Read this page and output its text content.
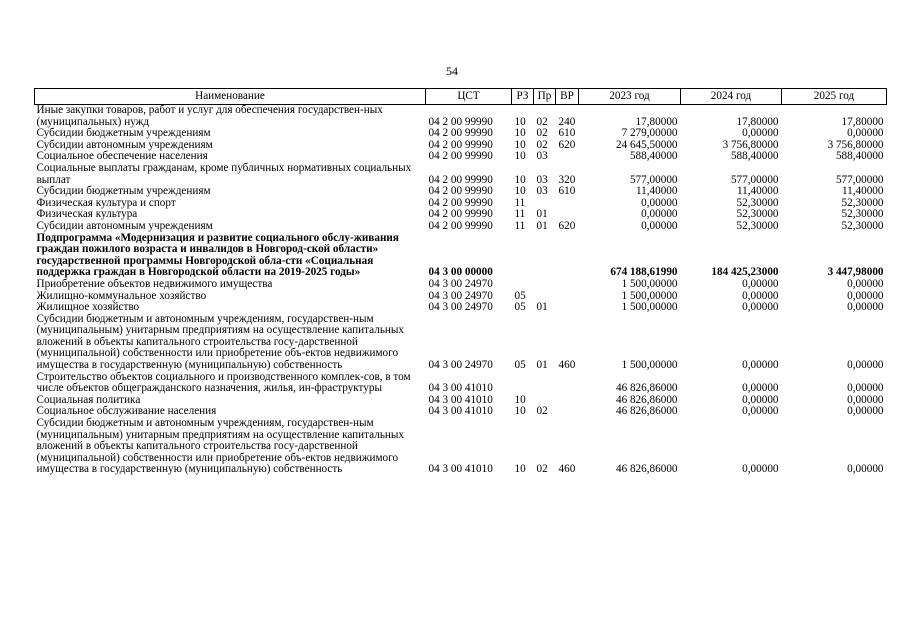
54
Наименование	ЦСТ	РЗ	Пр	ВР	2023 год	2024 год	2025 год
Иные закупки товаров, работ и услуг для обеспечения государствен-ных (муниципальных) нужд	04 2 00 99990	10	02	240	17,80000	17,80000	17,80000
Субсидии бюджетным учреждениям	04 2 00 99990	10	02	610	7 279,00000	0,00000	0,00000
Субсидии автономным учреждениям	04 2 00 99990	10	02	620	24 645,50000	3 756,80000	3 756,80000
Социальное обеспечение населения	04 2 00 99990	10	03		588,40000	588,40000	588,40000
Социальные выплаты гражданам, кроме публичных нормативных социальных выплат	04 2 00 99990	10	03	320	577,00000	577,00000	577,00000
Субсидии бюджетным учреждениям	04 2 00 99990	10	03	610	11,40000	11,40000	11,40000
Физическая культура и спорт	04 2 00 99990	11			0,00000	52,30000	52,30000
Физическая культура	04 2 00 99990	11	01		0,00000	52,30000	52,30000
Субсидии автономным учреждениям	04 2 00 99990	11	01	620	0,00000	52,30000	52,30000
Подпрограмма «Модернизация и развитие социального обслу-живания граждан пожилого возраста и инвалидов в Новгород-ской области» государственной программы Новгородской обла-сти «Социальная поддержка граждан в Новгородской области на 2019-2025 годы»	04 3 00 00000				674 188,61990	184 425,23000	3 447,98000
Приобретение объектов недвижимого имущества	04 3 00 24970				1 500,00000	0,00000	0,00000
Жилищно-коммунальное хозяйство	04 3 00 24970	05			1 500,00000	0,00000	0,00000
Жилищное хозяйство	04 3 00 24970	05	01		1 500,00000	0,00000	0,00000
Субсидии бюджетным и автономным учреждениям, государствен-ным (муниципальным) унитарным предприятиям на осуществление капитальных вложений в объекты капитального строительства госу-дарственной (муниципальной) собственности или приобретение объ-ектов недвижимого имущества в государственную (муниципальную) собственность	04 3 00 24970	05	01	460	1 500,00000	0,00000	0,00000
Строительство объектов социального и производственного комплек-сов, в том числе объектов общегражданского назначения, жилья, ин-фраструктуры	04 3 00 41010				46 826,86000	0,00000	0,00000
Социальная политика	04 3 00 41010	10			46 826,86000	0,00000	0,00000
Социальное обслуживание населения	04 3 00 41010	10	02		46 826,86000	0,00000	0,00000
Субсидии бюджетным и автономным учреждениям, государствен-ным (муниципальным) унитарным предприятиям на осуществление капитальных вложений в объекты капитального строительства госу-дарственной (муниципальной) собственности или приобретение объ-ектов недвижимого имущества в государственную (муниципальную) собственность	04 3 00 41010	10	02	460	46 826,86000	0,00000	0,00000
